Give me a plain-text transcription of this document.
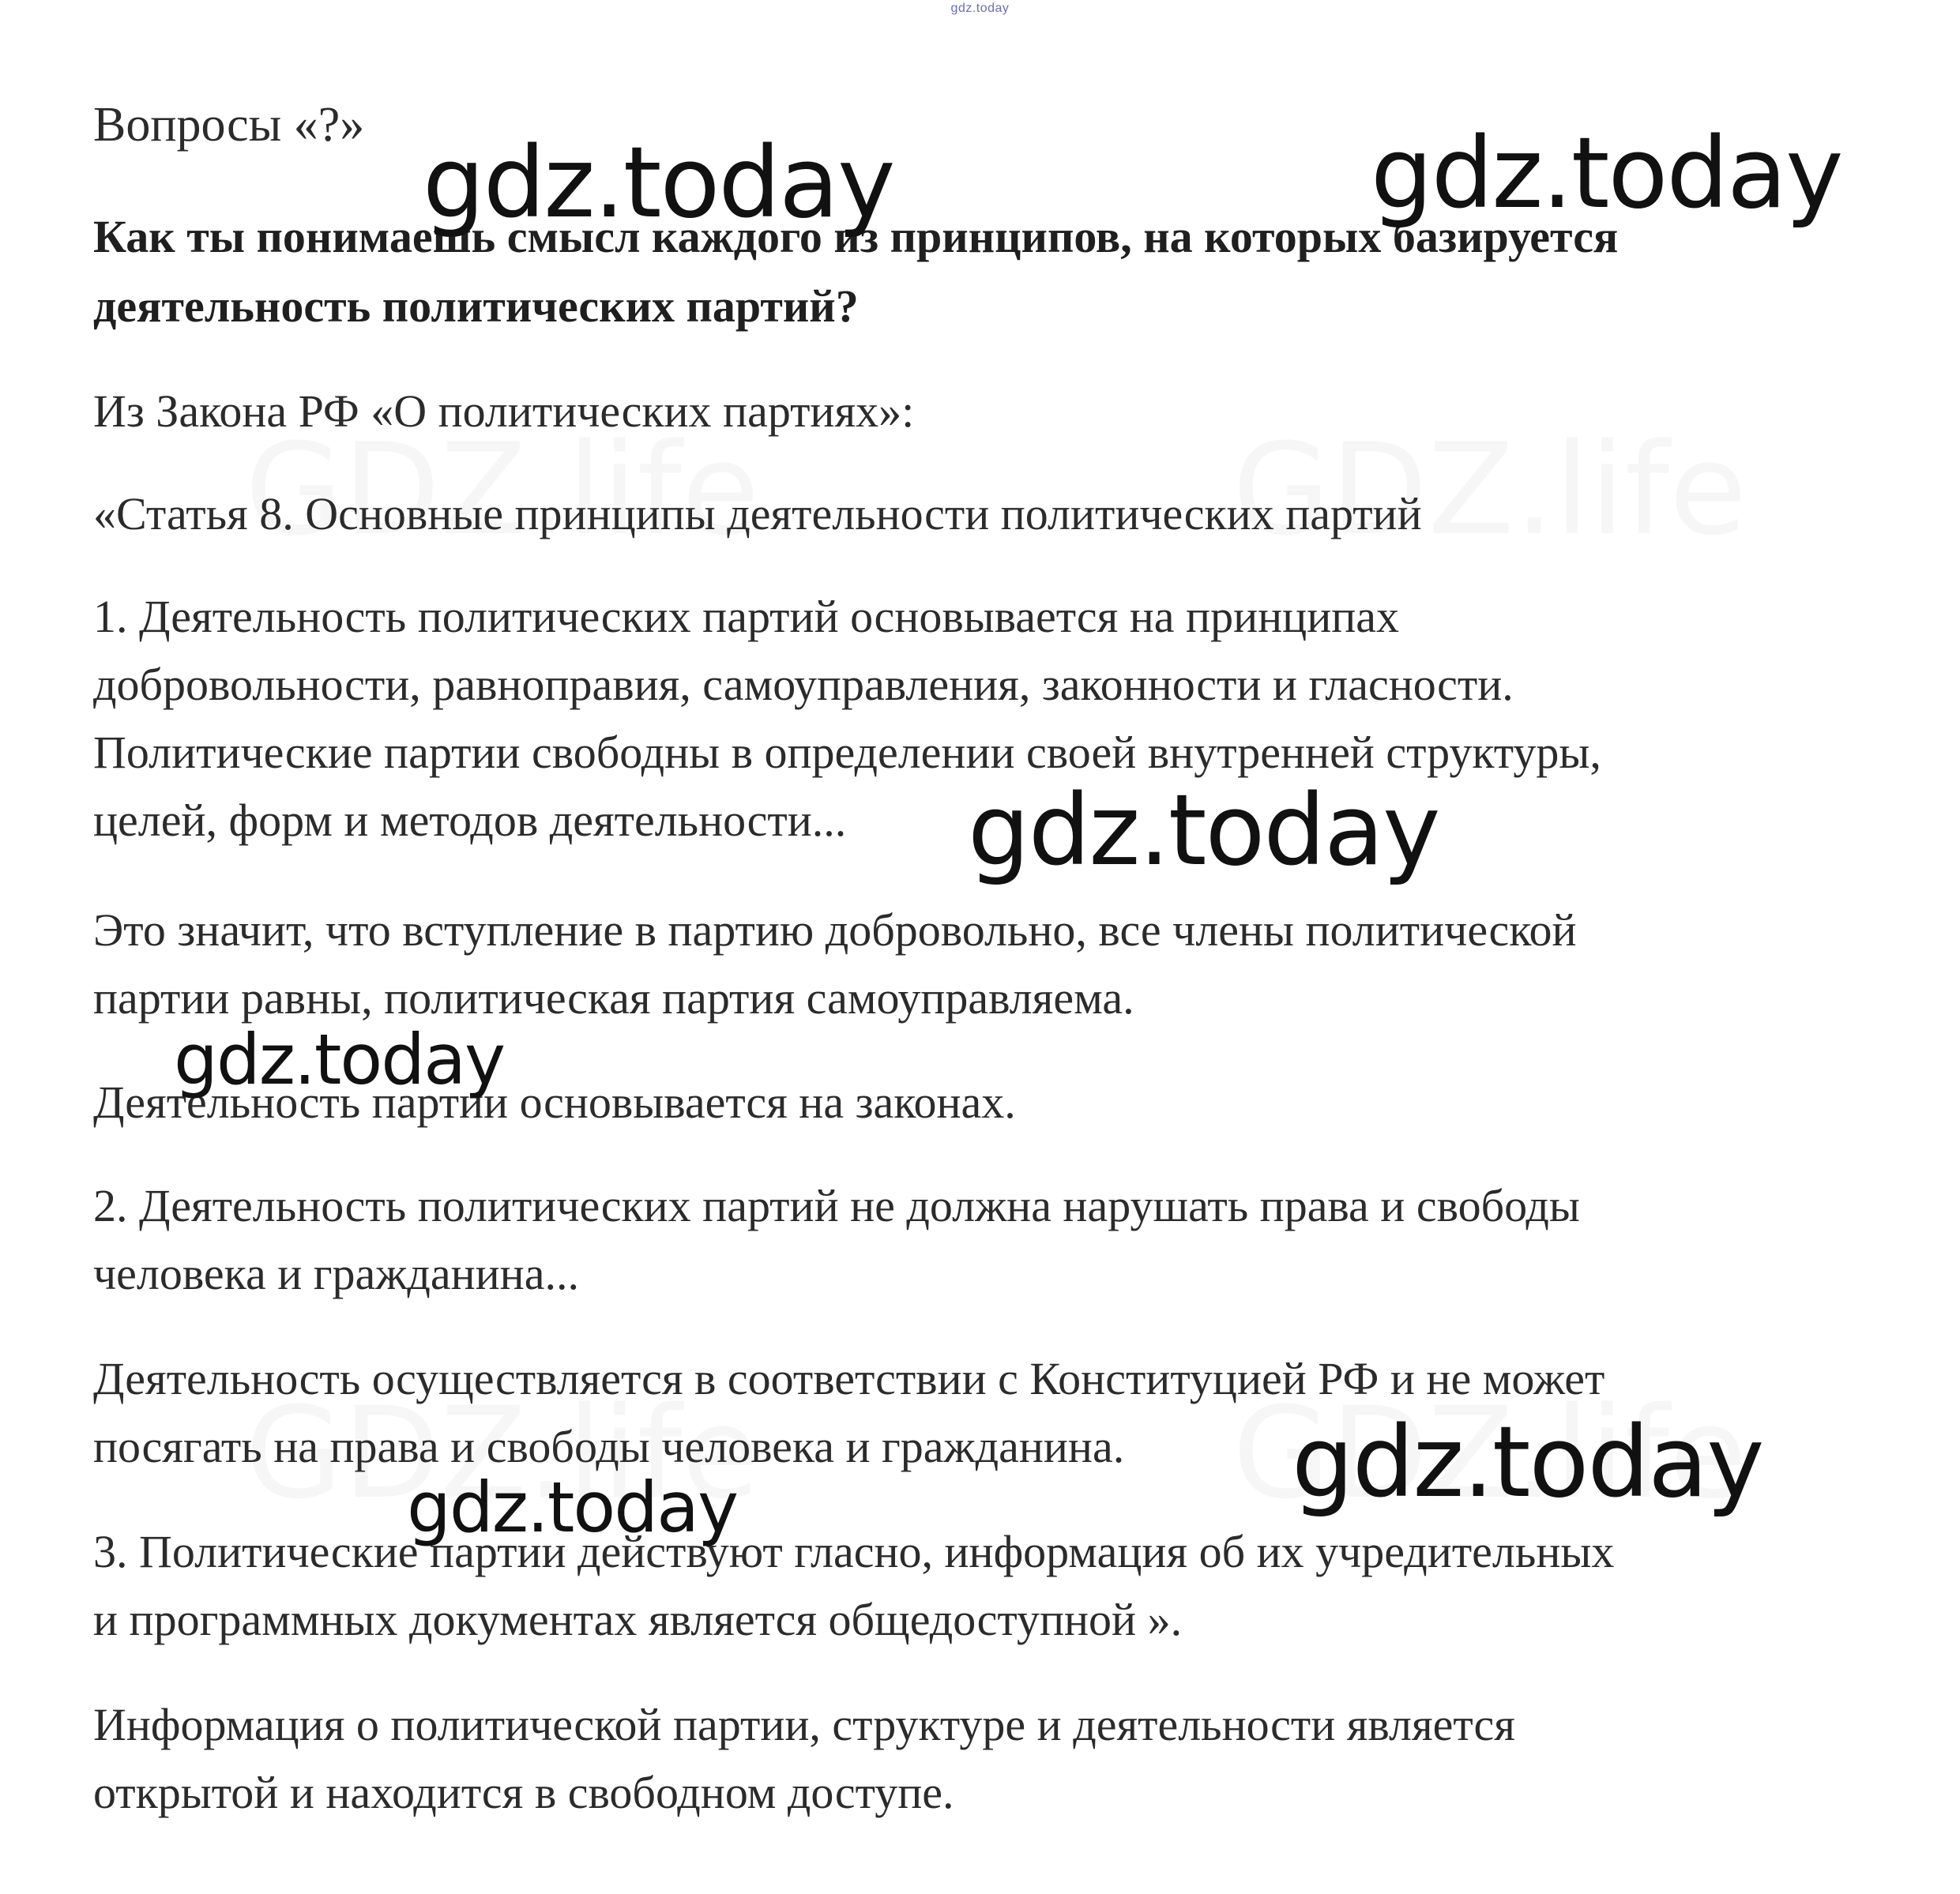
gdz.today
Вопросы «?»
Как ты понимаешь смысл каждого из принципов, на которых базируется
деятельность политических партий?
Из Закона РФ «О политических партиях»:
«Статья 8. Основные принципы деятельности политических партий
1. Деятельность политических партий основывается на принципах
добровольности, равноправия, самоуправления, законности и гласности.
Политические партии свободны в определении своей внутренней структуры,
целей, форм и методов деятельности...
Это значит, что вступление в партию добровольно, все члены политической
партии равны, политическая партия самоуправляема.
Деятельность партии основывается на законах.
2. Деятельность политических партий не должна нарушать права и свободы
человека и гражданина...
Деятельность осуществляется в соответствии с Конституцией РФ и не может
посягать на права и свободы человека и гражданина.
3. Политические партии действуют гласно, информация об их учредительных
и программных документах является общедоступной ».
Информация о политической партии, структуре и деятельности является
открытой и находится в свободном доступе.
gdz.today	gdz.today
gdz.today
gdz.today
gdz.today
gdz.today
